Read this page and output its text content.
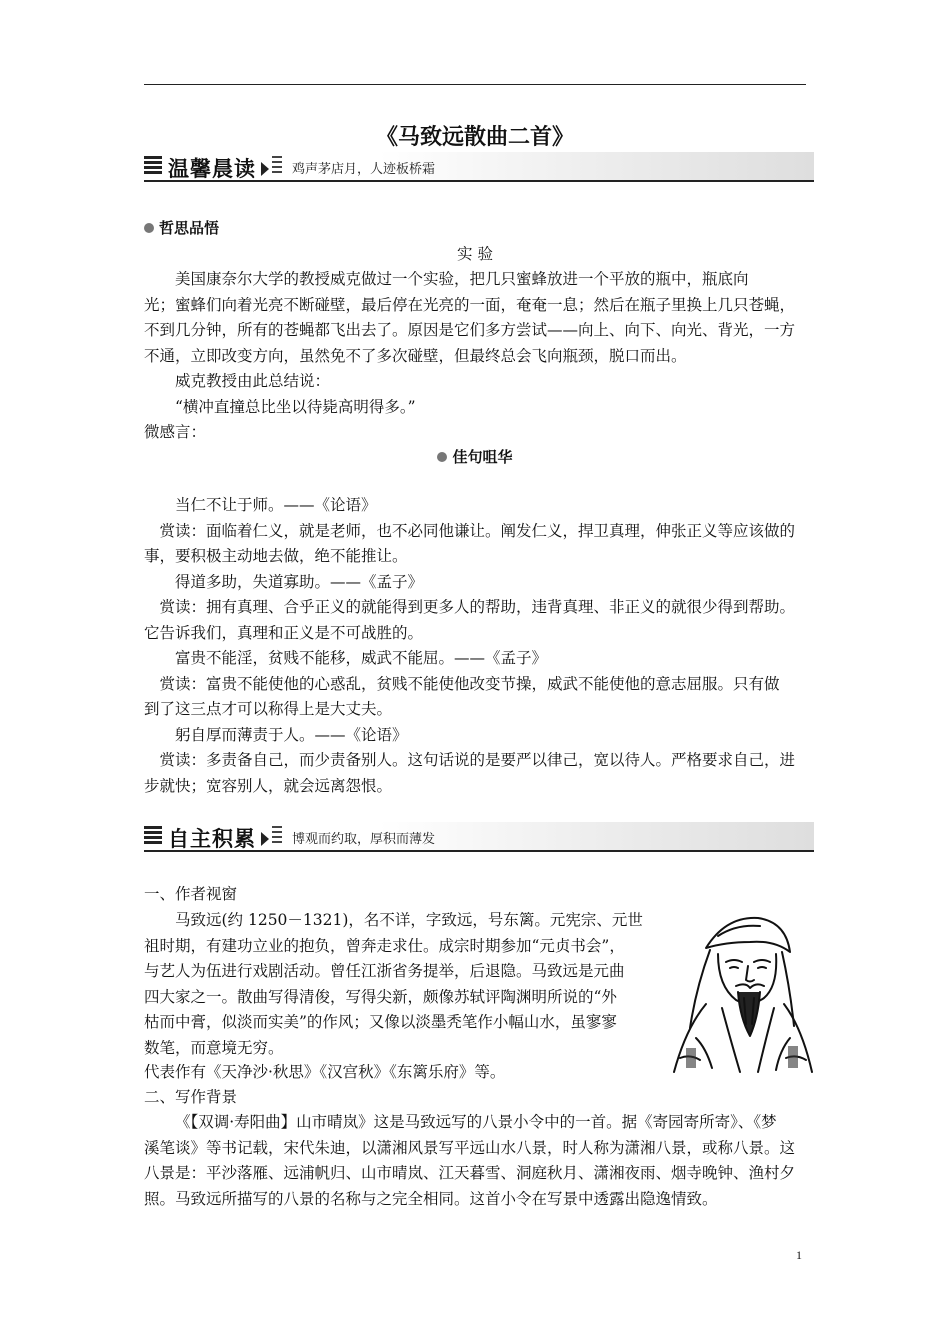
《马致远散曲二首》
温馨晨读	鸡声茅店月，人迹板桥霜
哲思品悟
实 验

美国康奈尔大学的教授威克做过一个实验，把几只蜜蜂放进一个平放的瓶中，瓶底向

光；蜜蜂们向着光亮不断碰壁，最后停在光亮的一面，奄奄一息；然后在瓶子里换上几只苍蝇，

不到几分钟，所有的苍蝇都飞出去了。原因是它们多方尝试——向上、向下、向光、背光，一方

不通，立即改变方向，虽然免不了多次碰壁，但最终总会飞向瓶颈，脱口而出。

威克教授由此总结说：

“横冲直撞总比坐以待毙高明得多。”

微感言：

佳句咀华

当仁不让于师。——《论语》

赏读：面临着仁义，就是老师，也不必同他谦让。阐发仁义，捍卫真理，伸张正义等应该做的

事，要积极主动地去做，绝不能推让。

得道多助，失道寡助。——《孟子》

赏读：拥有真理、合乎正义的就能得到更多人的帮助，违背真理、非正义的就很少得到帮助。

它告诉我们，真理和正义是不可战胜的。

富贵不能淫，贫贱不能移，威武不能屈。——《孟子》

赏读：富贵不能使他的心惑乱，贫贱不能使他改变节操，威武不能使他的意志屈服。只有做

到了这三点才可以称得上是大丈夫。

躬自厚而薄责于人。——《论语》

赏读：多责备自己，而少责备别人。这句话说的是要严以律己，宽以待人。严格要求自己，进

步就快；宽容别人，就会远离怨恨。

自主积累	博观而约取，厚积而薄发
一、作者视窗

马致远(约 1250－1321)，名不详，字致远，号东篱。元宪宗、元世

祖时期，有建功立业的抱负，曾奔走求仕。成宗时期参加“元贞书会”，

与艺人为伍进行戏剧活动。曾任江浙省务提举，后退隐。马致远是元曲

四大家之一。散曲写得清俊，写得尖新，颇像苏轼评陶渊明所说的“外

枯而中膏，似淡而实美”的作风；又像以淡墨秃笔作小幅山水，虽寥寥

数笔，而意境无穷。

代表作有《天净沙·秋思》《汉宫秋》《东篱乐府》等。
二、写作背景

《【双调·寿阳曲】山市晴岚》这是马致远写的八景小令中的一首。据《寄园寄所寄》、《梦

溪笔谈》等书记载，宋代朱迪，以潇湘风景写平远山水八景，时人称为潇湘八景，或称八景。这

八景是：平沙落雁、远浦帆归、山市晴岚、江天暮雪、洞庭秋月、潇湘夜雨、烟寺晚钟、渔村夕

照。马致远所描写的八景的名称与之完全相同。这首小令在写景中透露出隐逸情致。

1
